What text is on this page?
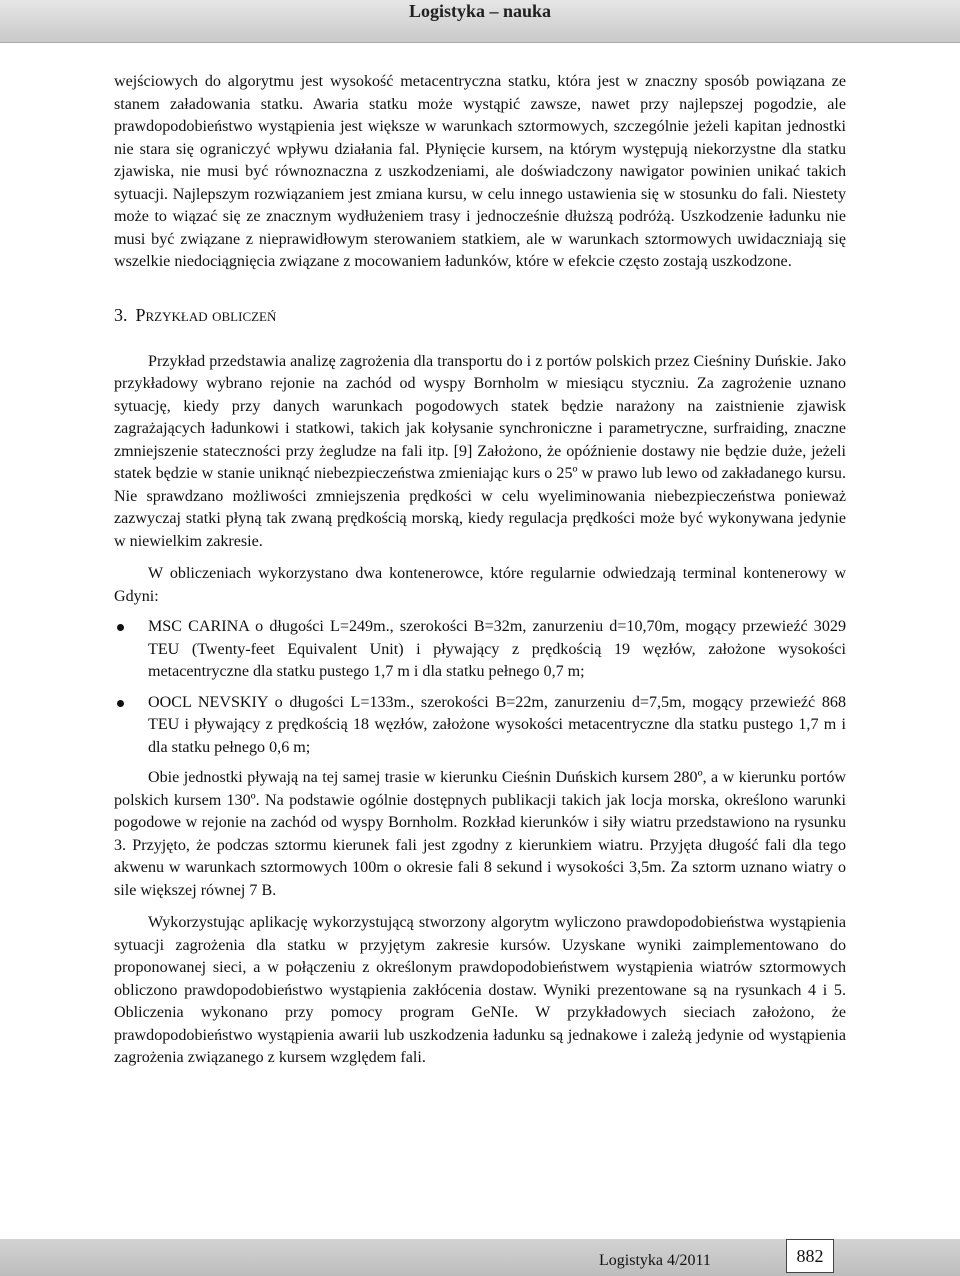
Logistyka – nauka

wejściowych do algorytmu jest wysokość metacentryczna statku, która jest w znaczny sposób powiązana ze stanem załadowania statku. Awaria statku może wystąpić zawsze, nawet przy najlepszej pogodzie, ale prawdopodobieństwo wystąpienia jest większe w warunkach sztormowych, szczególnie jeżeli kapitan jednostki nie stara się ograniczyć wpływu działania fal. Płynięcie kursem, na którym występują niekorzystne dla statku zjawiska, nie musi być równoznaczna z uszkodzeniami, ale doświadczony nawigator powinien unikać takich sytuacji. Najlepszym rozwiązaniem jest zmiana kursu, w celu innego ustawienia się w stosunku do fali. Niestety może to wiązać się ze znacznym wydłużeniem trasy i jednocześnie dłuższą podróżą. Uszkodzenie ładunku nie musi być związane z nieprawidłowym sterowaniem statkiem, ale w warunkach sztormowych uwidaczniają się wszelkie niedociągnięcia związane z mocowaniem ładunków, które w efekcie często zostają uszkodzone.

3. Przykład obliczeń

Przykład przedstawia analizę zagrożenia dla transportu do i z portów polskich przez Cieśniny Duńskie. Jako przykładowy wybrano rejonie na zachód od wyspy Bornholm w miesiącu styczniu. Za zagrożenie uznano sytuację, kiedy przy danych warunkach pogodowych statek będzie narażony na zaistnienie zjawisk zagrażających ładunkowi i statkowi, takich jak kołysanie synchroniczne i parametryczne, surfraiding, znaczne zmniejszenie stateczności przy żegludze na fali itp. [9] Założono, że opóźnienie dostawy nie będzie duże, jeżeli statek będzie w stanie uniknąć niebezpieczeństwa zmieniając kurs o 25º w prawo lub lewo od zakładanego kursu. Nie sprawdzano możliwości zmniejszenia prędkości w celu wyeliminowania niebezpieczeństwa ponieważ zazwyczaj statki płyną tak zwaną prędkością morską, kiedy regulacja prędkości może być wykonywana jedynie w niewielkim zakresie.

W obliczeniach wykorzystano dwa kontenerowce, które regularnie odwiedzają terminal kontenerowy w Gdyni:

MSC CARINA o długości L=249m., szerokości B=32m, zanurzeniu d=10,70m, mogący przewieźć 3029 TEU (Twenty-feet Equivalent Unit) i pływający z prędkością 19 węzłów, założone wysokości metacentryczne dla statku pustego 1,7 m i dla statku pełnego 0,7 m;
OOCL NEVSKIY o długości L=133m., szerokości B=22m, zanurzeniu d=7,5m, mogący przewieźć 868 TEU i pływający z prędkością 18 węzłów, założone wysokości metacentryczne dla statku pustego 1,7 m i dla statku pełnego 0,6 m;

Obie jednostki pływają na tej samej trasie w kierunku Cieśnin Duńskich kursem 280º, a w kierunku portów polskich kursem 130º. Na podstawie ogólnie dostępnych publikacji takich jak locja morska, określono warunki pogodowe w rejonie na zachód od wyspy Bornholm. Rozkład kierunków i siły wiatru przedstawiono na rysunku 3. Przyjęto, że podczas sztormu kierunek fali jest zgodny z kierunkiem wiatru. Przyjęta długość fali dla tego akwenu w warunkach sztormowych 100m o okresie fali 8 sekund i wysokości 3,5m. Za sztorm uznano wiatry o sile większej równej 7 B.

Wykorzystując aplikację wykorzystującą stworzony algorytm wyliczono prawdopodobieństwa wystąpienia sytuacji zagrożenia dla statku w przyjętym zakresie kursów. Uzyskane wyniki zaimplementowano do proponowanej sieci, a w połączeniu z określonym prawdopodobieństwem wystąpienia wiatrów sztormowych obliczono prawdopodobieństwo wystąpienia zakłócenia dostaw. Wyniki prezentowane są na rysunkach 4 i 5. Obliczenia wykonano przy pomocy program GeNIe. W przykładowych sieciach założono, że prawdopodobieństwo wystąpienia awarii lub uszkodzenia ładunku są jednakowe i zależą jedynie od wystąpienia zagrożenia związanego z kursem względem fali.

Logistyka 4/2011	882
